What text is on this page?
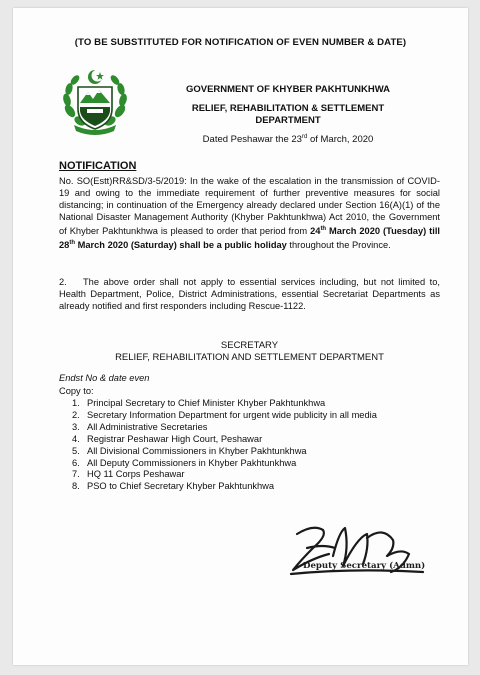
(TO BE SUBSTITUTED FOR NOTIFICATION OF EVEN NUMBER & DATE)
GOVERNMENT OF KHYBER PAKHTUNKHWA
RELIEF, REHABILITATION & SETTLEMENT
DEPARTMENT
Dated Peshawar the 23rd of March, 2020
NOTIFICATION
No. SO(Estt)RR&SD/3-5/2019: In the wake of the escalation in the transmission of COVID-19 and owing to the immediate requirement of further preventive measures for social distancing; in continuation of the Emergency already declared under Section 16(A)(1) of the National Disaster Management Authority (Khyber Pakhtunkhwa) Act 2010, the Government of Khyber Pakhtunkhwa is pleased to order that period from 24th March 2020 (Tuesday) till 28th March 2020 (Saturday) shall be a public holiday throughout the Province.
2. The above order shall not apply to essential services including, but not limited to, Health Department, Police, District Administrations, essential Secretariat Departments as already notified and first responders including Rescue-1122.
SECRETARY
RELIEF, REHABILITATION AND SETTLEMENT DEPARTMENT
Endst No & date even
Copy to:
1. Principal Secretary to Chief Minister Khyber Pakhtunkhwa
2. Secretary Information Department for urgent wide publicity in all media
3. All Administrative Secretaries
4. Registrar Peshawar High Court, Peshawar
5. All Divisional Commissioners in Khyber Pakhtunkhwa
6. All Deputy Commissioners in Khyber Pakhtunkhwa
7. HQ 11 Corps Peshawar
8. PSO to Chief Secretary Khyber Pakhtunkhwa
Deputy Secretary (Admn)
